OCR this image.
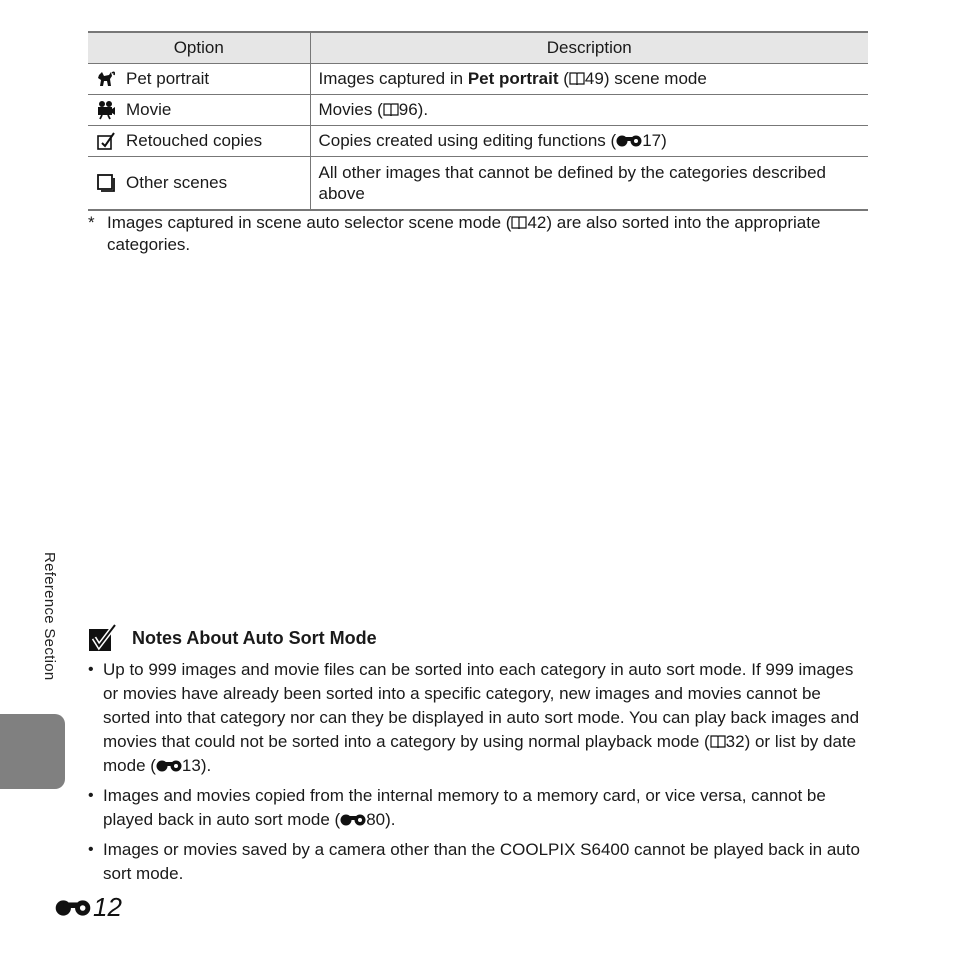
Option	Description

Pet portrait	Images captured in Pet portrait ( 49) scene mode

Movie	Movies ( 96).

Retouched copies	Copies created using editing functions ( 17)

Other scenes	All other images that cannot be defined by the categories described above
* Images captured in scene auto selector scene mode ( 42) are also sorted into the appropriate categories.
Reference Section	Notes About Auto Sort Mode
• Up to 999 images and movie files can be sorted into each category in auto sort mode. If 999 images or movies have already been sorted into a specific category, new images and movies cannot be sorted into that category nor can they be displayed in auto sort mode. You can play back images and movies that could not be sorted into a category by using normal playback mode ( 32) or list by date mode ( 13).
• Images and movies copied from the internal memory to a memory card, or vice versa, cannot be played back in auto sort mode ( 80).
• Images or movies saved by a camera other than the COOLPIX S6400 cannot be played back in auto sort mode.
12
